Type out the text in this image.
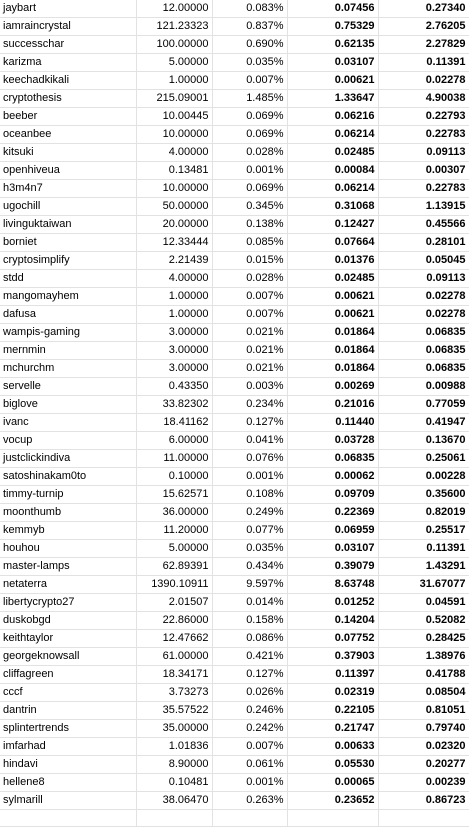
jaybart	12.00000	0.083%	0.07456	0.27340
iamraincrystal	121.23323	0.837%	0.75329	2.76205
successchar	100.00000	0.690%	0.62135	2.27829
karizma	5.00000	0.035%	0.03107	0.11391
keechadkikali	1.00000	0.007%	0.00621	0.02278
cryptothesis	215.09001	1.485%	1.33647	4.90038
beeber	10.00445	0.069%	0.06216	0.22793
oceanbee	10.00000	0.069%	0.06214	0.22783
kitsuki	4.00000	0.028%	0.02485	0.09113
openhiveua	0.13481	0.001%	0.00084	0.00307
h3m4n7	10.00000	0.069%	0.06214	0.22783
ugochill	50.00000	0.345%	0.31068	1.13915
livinguktaiwan	20.00000	0.138%	0.12427	0.45566
borniet	12.33444	0.085%	0.07664	0.28101
cryptosimplify	2.21439	0.015%	0.01376	0.05045
stdd	4.00000	0.028%	0.02485	0.09113
mangomayhem	1.00000	0.007%	0.00621	0.02278
dafusa	1.00000	0.007%	0.00621	0.02278
wampis-gaming	3.00000	0.021%	0.01864	0.06835
mernmin	3.00000	0.021%	0.01864	0.06835
mchurchm	3.00000	0.021%	0.01864	0.06835
servelle	0.43350	0.003%	0.00269	0.00988
biglove	33.82302	0.234%	0.21016	0.77059
ivanc	18.41162	0.127%	0.11440	0.41947
vocup	6.00000	0.041%	0.03728	0.13670
justclickindiva	11.00000	0.076%	0.06835	0.25061
satoshinakam0to	0.10000	0.001%	0.00062	0.00228
timmy-turnip	15.62571	0.108%	0.09709	0.35600
moonthumb	36.00000	0.249%	0.22369	0.82019
kemmyb	11.20000	0.077%	0.06959	0.25517
houhou	5.00000	0.035%	0.03107	0.11391
master-lamps	62.89391	0.434%	0.39079	1.43291
netaterra	1390.10911	9.597%	8.63748	31.67077
libertycrypto27	2.01507	0.014%	0.01252	0.04591
duskobgd	22.86000	0.158%	0.14204	0.52082
keithtaylor	12.47662	0.086%	0.07752	0.28425
georgeknowsall	61.00000	0.421%	0.37903	1.38976
cliffagreen	18.34171	0.127%	0.11397	0.41788
cccf	3.73273	0.026%	0.02319	0.08504
dantrin	35.57522	0.246%	0.22105	0.81051
splintertrends	35.00000	0.242%	0.21747	0.79740
imfarhad	1.01836	0.007%	0.00633	0.02320
hindavi	8.90000	0.061%	0.05530	0.20277
hellene8	0.10481	0.001%	0.00065	0.00239
sylmarill	38.06470	0.263%	0.23652	0.86723
